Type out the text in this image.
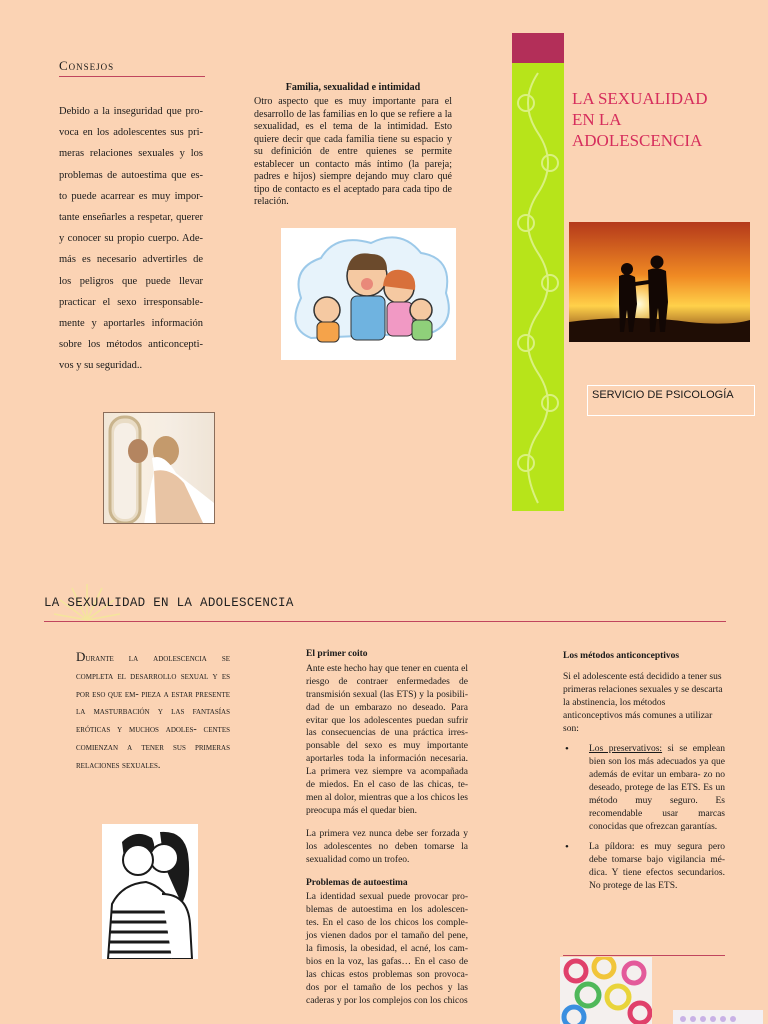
Consejos
Debido a la inseguridad que pro- voca en los adolescentes sus pri- meras relaciones sexuales y los problemas de autoestima que es- to puede acarrear es muy impor- tante enseñarles a respetar, querer y conocer su propio cuerpo. Ade- más es necesario advertirles de los peligros que puede llevar practicar el sexo irresponsable- mente y aportarles información sobre los métodos anticoncepti- vos y su seguridad..
Familia, sexualidad e intimidad
Otro aspecto que es muy importante para el desarrollo de las familias en lo que se refiere a la sexualidad, es el tema de la intimidad. Esto quiere decir que cada familia tiene su espacio y su definición de entre quienes se permite establecer un contacto más íntimo (la pareja; padres e hijos) siempre dejando muy claro qué tipo de contacto es el aceptado para cada tipo de relación.
LA SEXUALIDAD
EN LA
ADOLESCENCIA
SERVICIO DE PSICOLOGÍA
LA SEXUALIDAD EN LA ADOLESCENCIA
Durante la adolescencia se completa el desarrollo sexual y es por eso que em- pieza a estar presente la masturbación y las fantasías eróticas y muchos adoles- centes comienzan a tener sus primeras relaciones sexuales.
El primer coito

Ante este hecho hay que tener en cuenta el riesgo de contraer enfermedades de transmisión sexual (las ETS) y la posibili- dad de un embarazo no deseado. Para evitar que los adolescentes puedan sufrir las consecuencias de una práctica irres- ponsable del sexo es muy importante aportarles toda la información necesaria. La primera vez siempre va acompañada de miedos. En el caso de las chicas, te- men al dolor, mientras que a los chicos les preocupa más el quedar bien.

La primera vez nunca debe ser forzada y los adolescentes no deben tomarse la sexualidad como un trofeo.

Problemas de autoestima

La identidad sexual puede provocar pro- blemas de autoestima en los adolescen- tes. En el caso de los chicos los comple- jos vienen dados por el tamaño del pene, la fimosis, la obesidad, el acné, los cam- bios en la voz, las gafas… En el caso de las chicas estos problemas son provoca- dos por el tamaño de los pechos y las caderas y por los complejos con los chicos

Los métodos anticonceptivos

Si el adolescente está decidido a tener sus primeras relaciones sexuales y se descarta la abstinencia, los métodos anticonceptivos más comunes a utilizar son:

• Los preservativos: si se emplean bien son los más adecuados ya que además de evitar un embara- zo no deseado, protege de las ETS. Es un método muy seguro. Es recomendable usar marcas conocidas que ofrezcan garantías.
• La píldora: es muy segura pero debe tomarse bajo vigilancia mé- dica. Y tiene efectos secundarios. No protege de las ETS.
